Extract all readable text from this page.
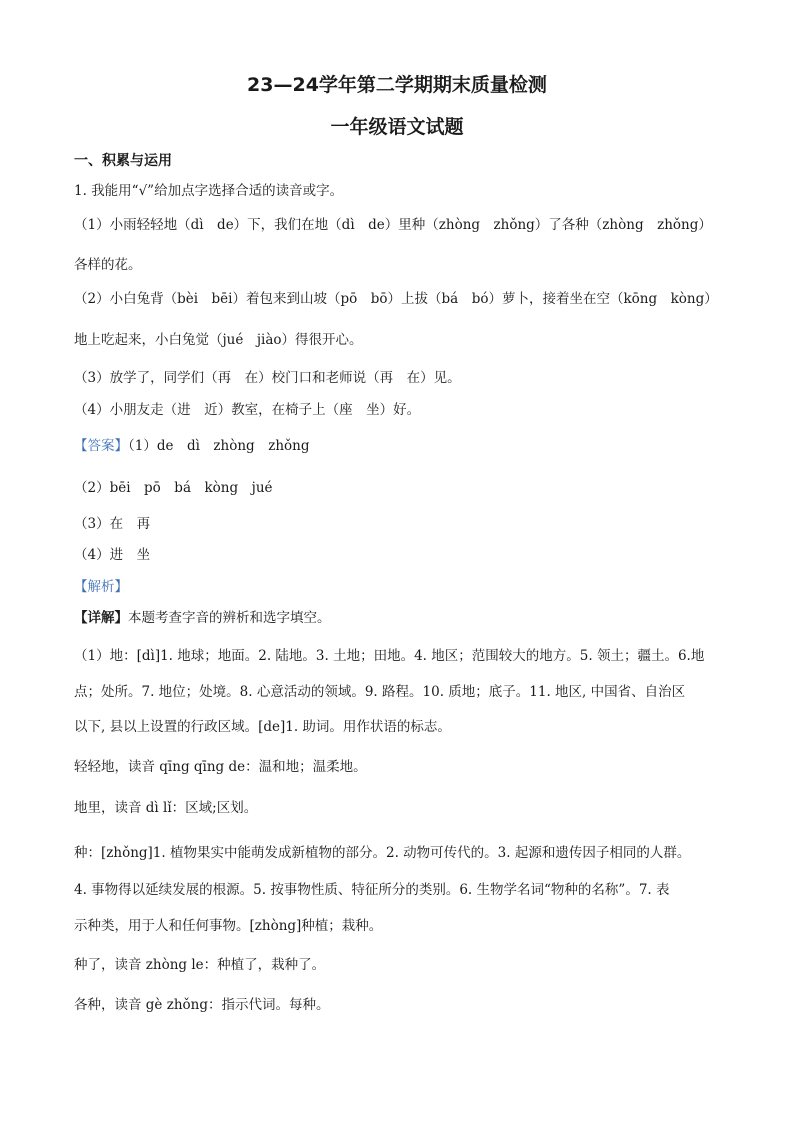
23—24学年第二学期期末质量检测
一年级语文试题
一、积累与运用
1. 我能用“√”给加点字选择合适的读音或字。
（1）小雨轻轻地（dì　de）下，我们在地（dì　de）里种（zhòng　zhǒng）了各种（zhòng　zhǒng）
各样的花。
（2）小白兔背（bèi　bēi）着包来到山坡（pō　bō）上拔（bá　bó）萝卜，接着坐在空（kōng　kòng）
地上吃起来，小白兔觉（jué　jiào）得很开心。
（3）放学了，同学们（再　在）校门口和老师说（再　在）见。
（4）小朋友走（进　近）教室，在椅子上（座　坐）好。
【答案】（1）de　dì　zhòng　zhǒng
（2）bēi　pō　bá　kòng　jué
（3）在　再
（4）进　坐
【解析】
【详解】本题考查字音的辨析和选字填空。
（1）地：[dì]1. 地球；地面。2. 陆地。3. 土地；田地。4. 地区；范围较大的地方。5. 领土；疆土。6.地
点；处所。7. 地位；处境。8. 心意活动的领域。9. 路程。10. 质地；底子。11. 地区, 中国省、自治区
以下, 县以上设置的行政区域。[de]1. 助词。用作状语的标志。
轻轻地，读音 qīng qīng de：温和地；温柔地。
地里，读音 dì lǐ：区域;区划。
种：[zhǒng]1. 植物果实中能萌发成新植物的部分。2. 动物可传代的。3. 起源和遗传因子相同的人群。
4. 事物得以延续发展的根源。5. 按事物性质、特征所分的类别。6. 生物学名词“物种的名称”。7. 表
示种类，用于人和任何事物。[zhòng]种植；栽种。
种了，读音 zhòng le：种植了，栽种了。
各种，读音 gè zhǒng：指示代词。每种。
